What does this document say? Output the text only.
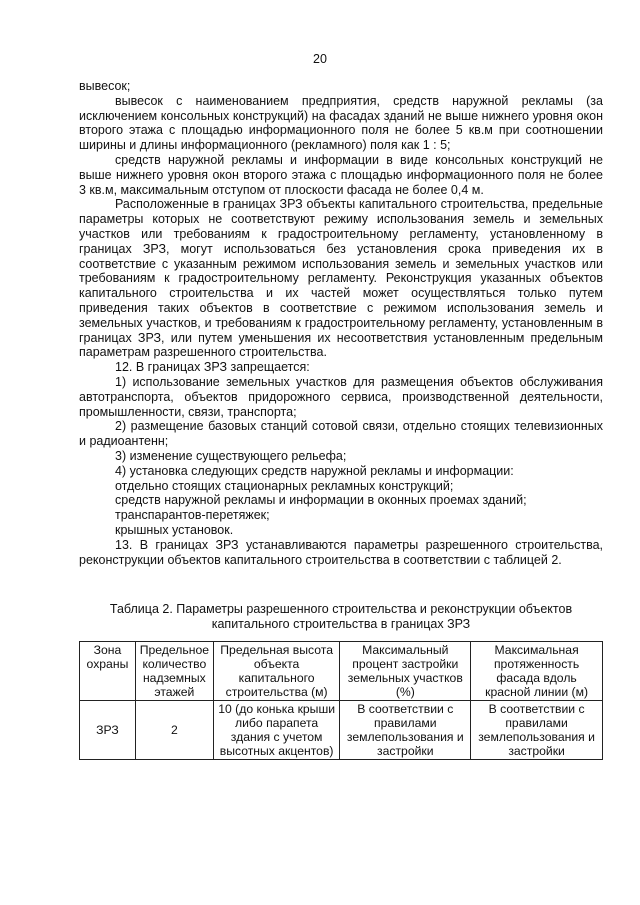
20

вывесок;

вывесок с наименованием предприятия, средств наружной рекламы (за исключением консольных конструкций) на фасадах зданий не выше нижнего уровня окон второго этажа с площадью информационного поля не более 5 кв.м при соотношении ширины и длины информационного (рекламного) поля как 1 : 5;

средств наружной рекламы и информации в виде консольных конструкций не выше нижнего уровня окон второго этажа с площадью информационного поля не более 3 кв.м, максимальным отступом от плоскости фасада не более 0,4 м.

Расположенные в границах ЗРЗ объекты капитального строительства, предельные параметры которых не соответствуют режиму использования земель и земельных участков или требованиям к градостроительному регламенту, установленному в границах ЗРЗ, могут использоваться без установления срока приведения их в соответствие с указанным режимом использования земель и земельных участков или требованиям к градостроительному регламенту. Реконструкция указанных объектов капитального строительства и их частей может осуществляться только путем приведения таких объектов в соответствие с режимом использования земель и земельных участков, и требованиям к градостроительному регламенту, установленным в границах ЗРЗ, или путем уменьшения их несоответствия установленным предельным параметрам разрешенного строительства.

12. В границах ЗРЗ запрещается:

1) использование земельных участков для размещения объектов обслуживания автотранспорта, объектов придорожного сервиса, производственной деятельности, промышленности, связи, транспорта;

2) размещение базовых станций сотовой связи, отдельно стоящих телевизионных и радиоантенн;

3) изменение существующего рельефа;

4) установка следующих средств наружной рекламы и информации:

отдельно стоящих стационарных рекламных конструкций;

средств наружной рекламы и информации в оконных проемах зданий;

транспарантов-перетяжек;

крышных установок.

13. В границах ЗРЗ устанавливаются параметры разрешенного строительства, реконструкции объектов капитального строительства в соответствии с таблицей 2.

Таблица 2. Параметры разрешенного строительства и реконструкции объектов капитального строительства в границах ЗРЗ
Зона охраны	Предельное количество надземных этажей	Предельная высота объекта капитального строительства (м)	Максимальный процент застройки земельных участков (%)	Максимальная протяженность фасада вдоль красной линии (м)
ЗРЗ	2	10 (до конька крыши либо парапета здания с учетом высотных акцентов)	В соответствии с правилами землепользования и застройки	В соответствии с правилами землепользования и застройки
